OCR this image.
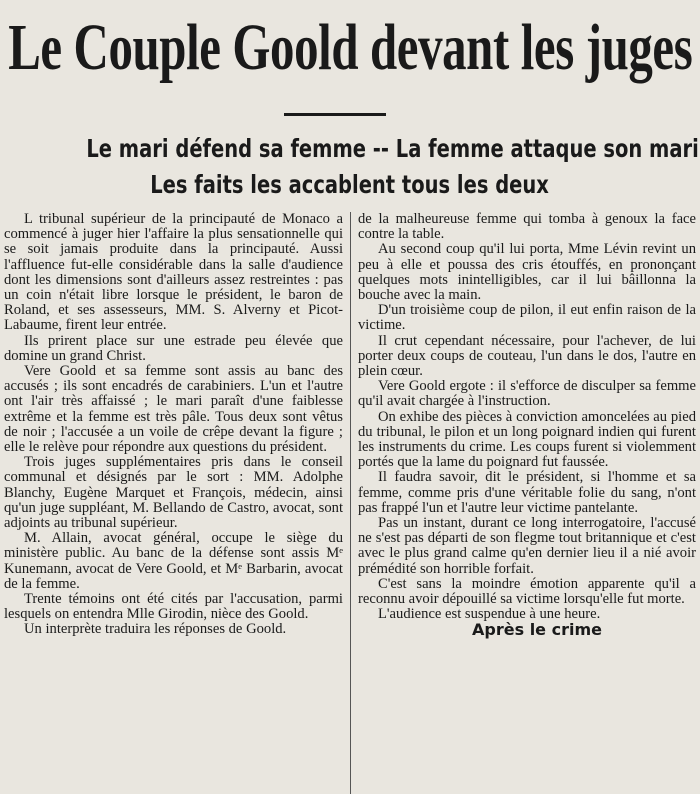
Le Couple Goold devant les juges
Le mari défend sa femme -- La femme attaque son mari
Les faits les accablent tous les deux

L tribunal supérieur de la principauté de Monaco a commencé à juger hier l'affaire la plus sensationnelle qui se soit jamais produite dans la principauté. Aussi l'affluence fut-elle considérable dans la salle d'audience dont les dimensions sont d'ailleurs assez restreintes : pas un coin n'était libre lorsque le président, le baron de Roland, et ses assesseurs, MM. S. Alverny et Picot-Labaume, firent leur entrée.

Ils prirent place sur une estrade peu élevée que domine un grand Christ.

Vere Goold et sa femme sont assis au banc des accusés ; ils sont encadrés de carabiniers. L'un et l'autre ont l'air très affaissé ; le mari paraît d'une faiblesse extrême et la femme est très pâle. Tous deux sont vêtus de noir ; l'accusée a un voile de crêpe devant la figure ; elle le relève pour répondre aux questions du président.

Trois juges supplémentaires pris dans le conseil communal et désignés par le sort : MM. Adolphe Blanchy, Eugène Marquet et François, médecin, ainsi qu'un juge suppléant, M. Bellando de Castro, avocat, sont adjoints au tribunal supérieur.

M. Allain, avocat général, occupe le siège du ministère public. Au banc de la défense sont assis Mᵉ Kunemann, avocat de Vere Goold, et Mᵉ Barbarin, avocat de la femme.

Trente témoins ont été cités par l'accusation, parmi lesquels on entendra Mlle Girodin, nièce des Goold.

Un interprète traduira les réponses de Goold.

de la malheureuse femme qui tomba à genoux la face contre la table.

Au second coup qu'il lui porta, Mme Lévin revint un peu à elle et poussa des cris étouffés, en prononçant quelques mots inintelligibles, car il lui bâillonna la bouche avec la main.

D'un troisième coup de pilon, il eut enfin raison de la victime.

Il crut cependant nécessaire, pour l'achever, de lui porter deux coups de couteau, l'un dans le dos, l'autre en plein cœur.

Vere Goold ergote : il s'efforce de disculper sa femme qu'il avait chargée à l'instruction.

On exhibe des pièces à conviction amoncelées au pied du tribunal, le pilon et un long poignard indien qui furent les instruments du crime. Les coups furent si violemment portés que la lame du poignard fut faussée.

Il faudra savoir, dit le président, si l'homme et sa femme, comme pris d'une véritable folie du sang, n'ont pas frappé l'un et l'autre leur victime pantelante.

Pas un instant, durant ce long interrogatoire, l'accusé ne s'est pas départi de son flegme tout britannique et c'est avec le plus grand calme qu'en dernier lieu il a nié avoir prémédité son horrible forfait.

C'est sans la moindre émotion apparente qu'il a reconnu avoir dépouillé sa victime lorsqu'elle fut morte.

L'audience est suspendue à une heure.

Après le crime
